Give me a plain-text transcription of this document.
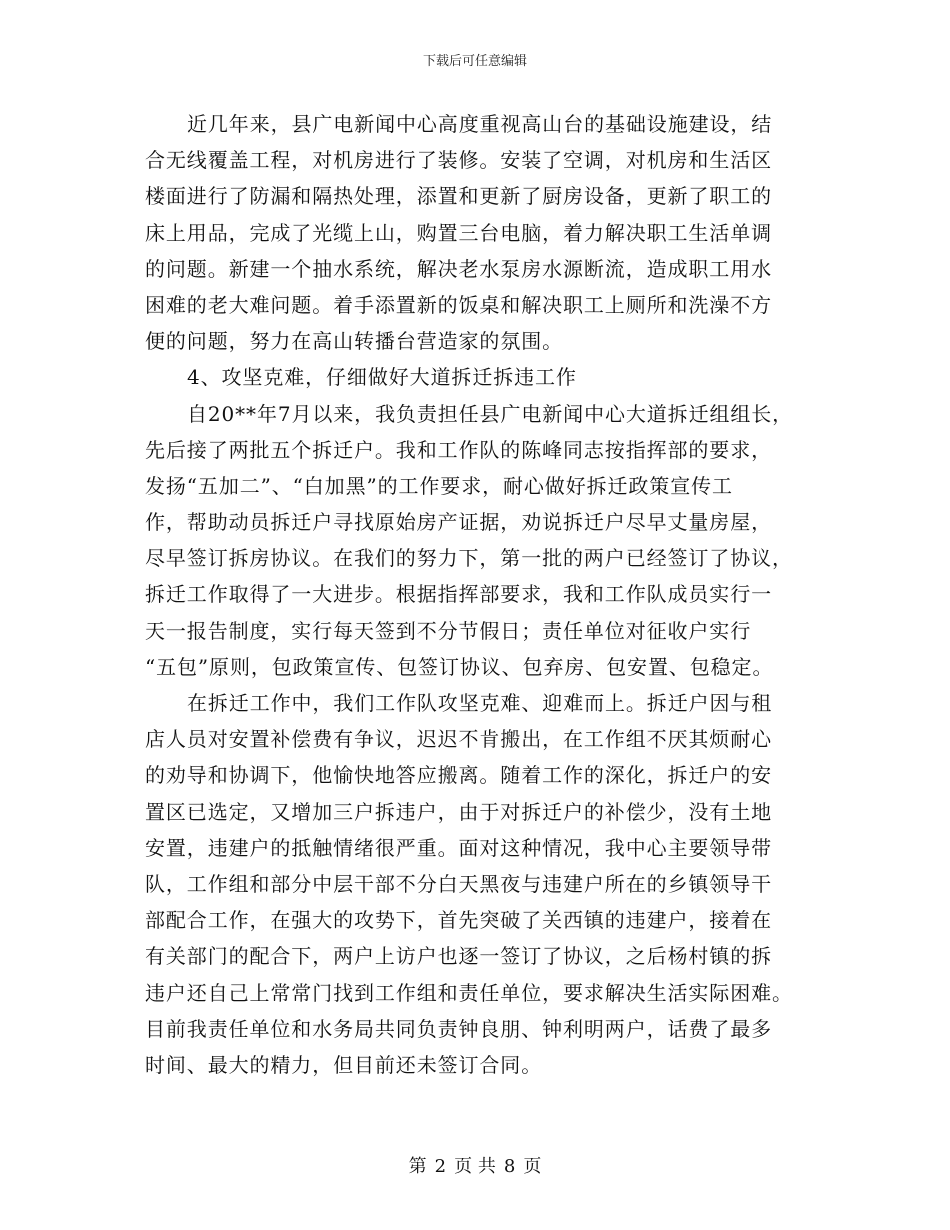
下载后可任意编辑
近几年来，县广电新闻中心高度重视高山台的基础设施建设，结
合无线覆盖工程，对机房进行了装修。安装了空调，对机房和生活区
楼面进行了防漏和隔热处理，添置和更新了厨房设备，更新了职工的
床上用品，完成了光缆上山，购置三台电脑，着力解决职工生活单调
的问题。新建一个抽水系统，解决老水泵房水源断流，造成职工用水
困难的老大难问题。着手添置新的饭桌和解决职工上厕所和洗澡不方
便的问题，努力在高山转播台营造家的氛围。
4、攻坚克难，仔细做好大道拆迁拆违工作
自20**年7月以来，我负责担任县广电新闻中心大道拆迁组组长，
先后接了两批五个拆迁户。我和工作队的陈峰同志按指挥部的要求，
发扬“五加二”、“白加黑”的工作要求，耐心做好拆迁政策宣传工
作，帮助动员拆迁户寻找原始房产证据，劝说拆迁户尽早丈量房屋，
尽早签订拆房协议。在我们的努力下，第一批的两户已经签订了协议，
拆迁工作取得了一大进步。根据指挥部要求，我和工作队成员实行一
天一报告制度，实行每天签到不分节假日；责任单位对征收户实行
“五包”原则，包政策宣传、包签订协议、包弃房、包安置、包稳定。
在拆迁工作中，我们工作队攻坚克难、迎难而上。拆迁户因与租
店人员对安置补偿费有争议，迟迟不肯搬出，在工作组不厌其烦耐心
的劝导和协调下，他愉快地答应搬离。随着工作的深化，拆迁户的安
置区已选定，又增加三户拆违户，由于对拆迁户的补偿少，没有土地
安置，违建户的抵触情绪很严重。面对这种情况，我中心主要领导带
队，工作组和部分中层干部不分白天黑夜与违建户所在的乡镇领导干
部配合工作，在强大的攻势下，首先突破了关西镇的违建户，接着在
有关部门的配合下，两户上访户也逐一签订了协议，之后杨村镇的拆
违户还自己上常常门找到工作组和责任单位，要求解决生活实际困难。
目前我责任单位和水务局共同负责钟良朋、钟利明两户，话费了最多
时间、最大的精力，但目前还未签订合同。
第 2 页 共 8 页
